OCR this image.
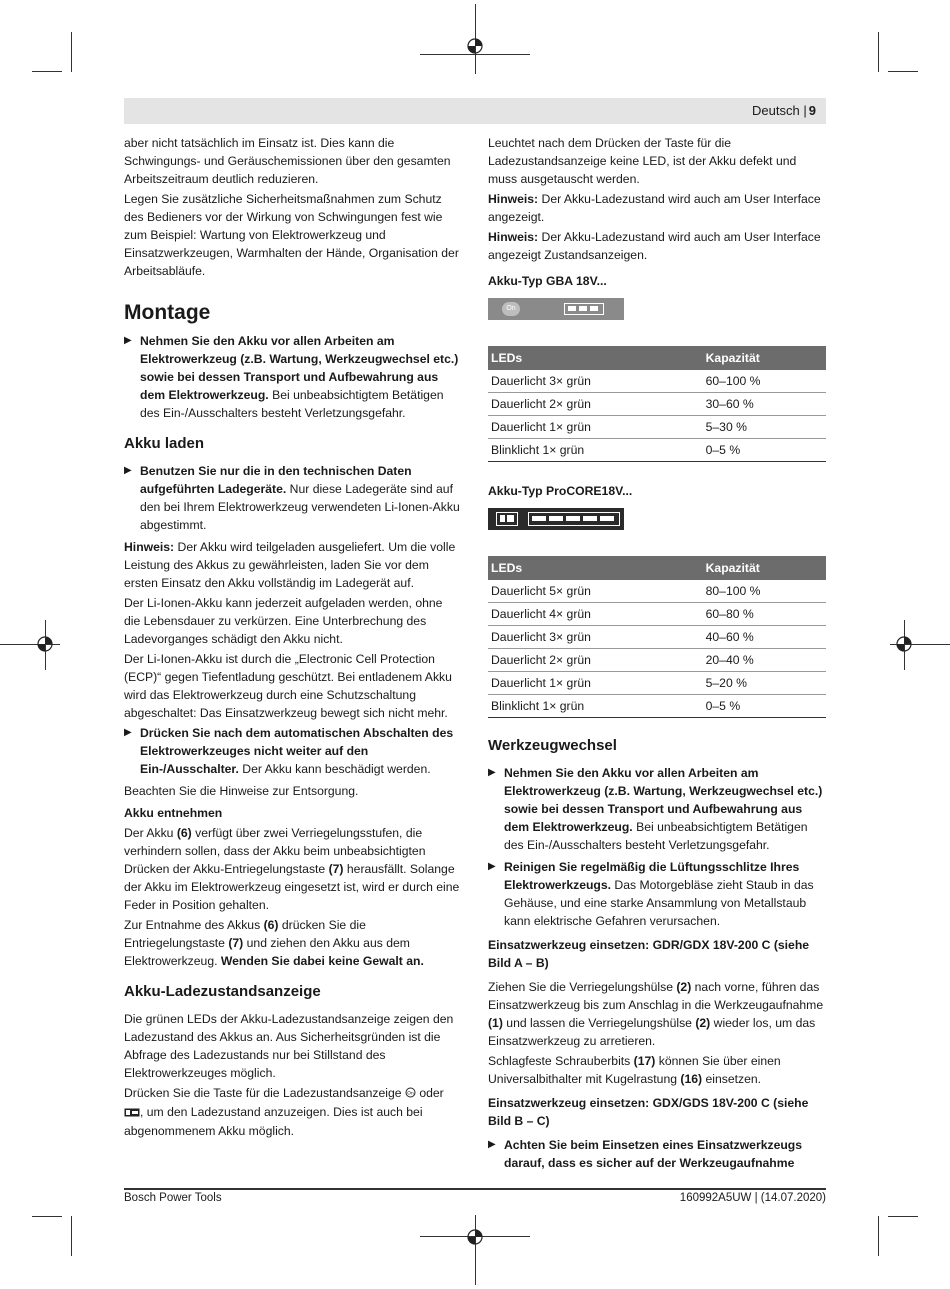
Deutsch | 9

aber nicht tatsächlich im Einsatz ist. Dies kann die Schwingungs- und Geräuschemissionen über den gesamten Arbeitszeitraum deutlich reduzieren.

Legen Sie zusätzliche Sicherheitsmaßnahmen zum Schutz des Bedieners vor der Wirkung von Schwingungen fest wie zum Beispiel: Wartung von Elektrowerkzeug und Einsatzwerkzeugen, Warmhalten der Hände, Organisation der Arbeitsabläufe.

Montage
▶ Nehmen Sie den Akku vor allen Arbeiten am Elektrowerkzeug (z.B. Wartung, Werkzeugwechsel etc.) sowie bei dessen Transport und Aufbewahrung aus dem Elektrowerkzeug. Bei unbeabsichtigtem Betätigen des Ein-/Ausschalters besteht Verletzungsgefahr.
Akku laden
▶ Benutzen Sie nur die in den technischen Daten aufgeführten Ladegeräte. Nur diese Ladegeräte sind auf den bei Ihrem Elektrowerkzeug verwendeten Li-Ionen-Akku abgestimmt.

Hinweis: Der Akku wird teilgeladen ausgeliefert. Um die volle Leistung des Akkus zu gewährleisten, laden Sie vor dem ersten Einsatz den Akku vollständig im Ladegerät auf.

Der Li-Ionen-Akku kann jederzeit aufgeladen werden, ohne die Lebensdauer zu verkürzen. Eine Unterbrechung des Ladevorganges schädigt den Akku nicht.

Der Li-Ionen-Akku ist durch die „Electronic Cell Protection (ECP)“ gegen Tiefentladung geschützt. Bei entladenem Akku wird das Elektrowerkzeug durch eine Schutzschaltung abgeschaltet: Das Einsatzwerkzeug bewegt sich nicht mehr.

▶ Drücken Sie nach dem automatischen Abschalten des Elektrowerkzeuges nicht weiter auf den Ein-/Ausschalter. Der Akku kann beschädigt werden.

Beachten Sie die Hinweise zur Entsorgung.

Akku entnehmen

Der Akku (6) verfügt über zwei Verriegelungsstufen, die verhindern sollen, dass der Akku beim unbeabsichtigten Drücken der Akku-Entriegelungstaste (7) herausfällt. Solange der Akku im Elektrowerkzeug eingesetzt ist, wird er durch eine Feder in Position gehalten.

Zur Entnahme des Akkus (6) drücken Sie die Entriegelungstaste (7) und ziehen den Akku aus dem Elektrowerkzeug. Wenden Sie dabei keine Gewalt an.

Akku-Ladezustandsanzeige

Die grünen LEDs der Akku-Ladezustandsanzeige zeigen den Ladezustand des Akkus an. Aus Sicherheitsgründen ist die Abfrage des Ladezustands nur bei Stillstand des Elektrowerkzeuges möglich.

Drücken Sie die Taste für die Ladezustandsanzeige On oder , um den Ladezustand anzuzeigen. Dies ist auch bei abgenommenem Akku möglich.

Leuchtet nach dem Drücken der Taste für die Ladezustandsanzeige keine LED, ist der Akku defekt und muss ausgetauscht werden.

Hinweis: Der Akku-Ladezustand wird auch am User Interface angezeigt.

Hinweis: Der Akku-Ladezustand wird auch am User Interface angezeigt Zustandsanzeigen.

Akku-Typ GBA 18V...
On
LEDs	Kapazität
Dauerlicht 3× grün	60–100 %
Dauerlicht 2× grün	30–60 %
Dauerlicht 1× grün	5–30 %
Blinklicht 1× grün	0–5 %
Akku-Typ ProCORE18V...
LEDs	Kapazität
Dauerlicht 5× grün	80–100 %
Dauerlicht 4× grün	60–80 %
Dauerlicht 3× grün	40–60 %
Dauerlicht 2× grün	20–40 %
Dauerlicht 1× grün	5–20 %
Blinklicht 1× grün	0–5 %
Werkzeugwechsel
▶ Nehmen Sie den Akku vor allen Arbeiten am Elektrowerkzeug (z.B. Wartung, Werkzeugwechsel etc.) sowie bei dessen Transport und Aufbewahrung aus dem Elektrowerkzeug. Bei unbeabsichtigtem Betätigen des Ein-/Ausschalters besteht Verletzungsgefahr.
▶ Reinigen Sie regelmäßig die Lüftungsschlitze Ihres Elektrowerkzeugs. Das Motorgebläse zieht Staub in das Gehäuse, und eine starke Ansammlung von Metallstaub kann elektrische Gefahren verursachen.
Einsatzwerkzeug einsetzen: GDR/GDX 18V-200 C (siehe Bild A – B)

Ziehen Sie die Verriegelungshülse (2) nach vorne, führen das Einsatzwerkzeug bis zum Anschlag in die Werkzeugaufnahme (1) und lassen die Verriegelungshülse (2) wieder los, um das Einsatzwerkzeug zu arretieren.

Schlagfeste Schrauberbits (17) können Sie über einen Universalbithalter mit Kugelrastung (16) einsetzen.

Einsatzwerkzeug einsetzen: GDX/GDS 18V-200 C (siehe Bild B – C)
▶ Achten Sie beim Einsetzen eines Einsatzwerkzeugs darauf, dass es sicher auf der Werkzeugaufnahme
Bosch Power Tools	160992A5UW | (14.07.2020)
